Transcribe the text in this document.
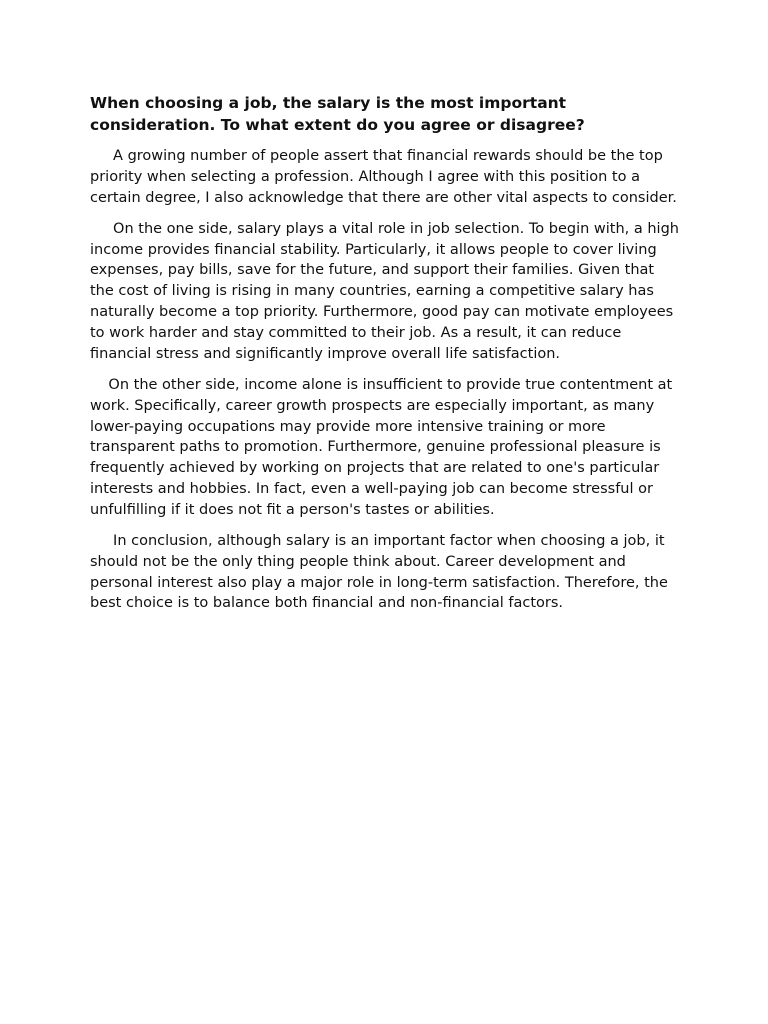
When choosing a job, the salary is the most important consideration. To what extent do you agree or disagree?

A growing number of people assert that financial rewards should be the top priority when selecting a profession. Although I agree with this position to a certain degree, I also acknowledge that there are other vital aspects to consider.

On the one side, salary plays a vital role in job selection. To begin with, a high income provides financial stability. Particularly, it allows people to cover living expenses, pay bills, save for the future, and support their families. Given that the cost of living is rising in many countries, earning a competitive salary has naturally become a top priority. Furthermore, good pay can motivate employees to work harder and stay committed to their job. As a result, it can reduce financial stress and significantly improve overall life satisfaction.

On the other side, income alone is insufficient to provide true contentment at work. Specifically, career growth prospects are especially important, as many lower-paying occupations may provide more intensive training or more transparent paths to promotion. Furthermore, genuine professional pleasure is frequently achieved by working on projects that are related to one's particular interests and hobbies. In fact, even a well-paying job can become stressful or unfulfilling if it does not fit a person's tastes or abilities.

In conclusion, although salary is an important factor when choosing a job, it should not be the only thing people think about. Career development and personal interest also play a major role in long-term satisfaction. Therefore, the best choice is to balance both financial and non-financial factors.
